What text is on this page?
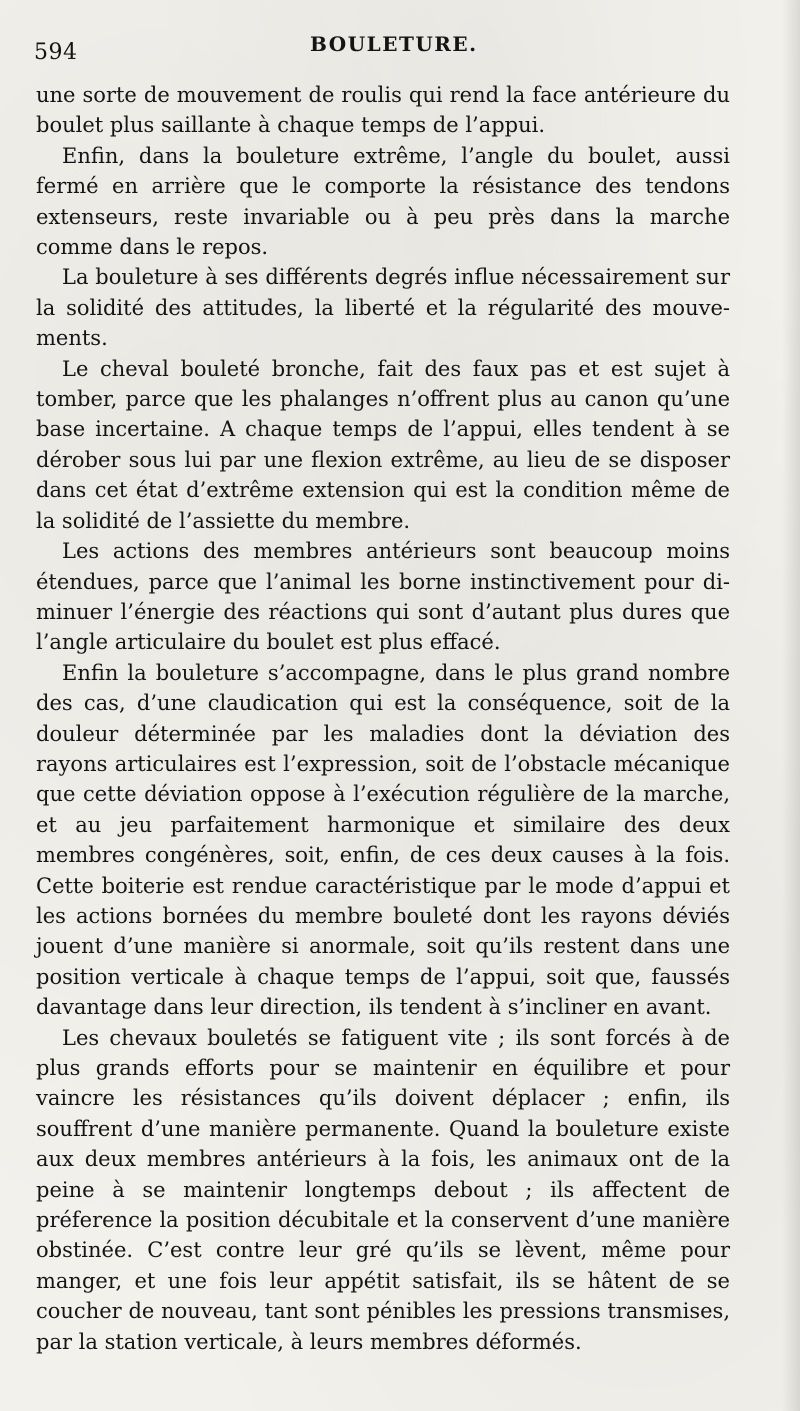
594	BOULETURE.

une sorte de mouvement de roulis qui rend la face antérieure du boulet plus saillante à chaque temps de l’appui.

Enfin, dans la bouleture extrême, l’angle du boulet, aussi fermé en arrière que le comporte la résistance des tendons extenseurs, reste invariable ou à peu près dans la marche comme dans le repos.

La bouleture à ses différents degrés influe nécessairement sur la solidité des attitudes, la liberté et la régularité des mouvements.

Le cheval bouleté bronche, fait des faux pas et est sujet à tomber, parce que les phalanges n’offrent plus au canon qu’une base incertaine. A chaque temps de l’appui, elles tendent à se dérober sous lui par une flexion extrême, au lieu de se disposer dans cet état d’extrême extension qui est la condition même de la solidité de l’assiette du membre.

Les actions des membres antérieurs sont beaucoup moins étendues, parce que l’animal les borne instinctivement pour diminuer l’énergie des réactions qui sont d’autant plus dures que l’angle articulaire du boulet est plus effacé.

Enfin la bouleture s’accompagne, dans le plus grand nombre des cas, d’une claudication qui est la conséquence, soit de la douleur déterminée par les maladies dont la déviation des rayons articulaires est l’expression, soit de l’obstacle mécanique que cette déviation oppose à l’exécution régulière de la marche, et au jeu parfaitement harmonique et similaire des deux membres congénères, soit, enfin, de ces deux causes à la fois. Cette boiterie est rendue caractéristique par le mode d’appui et les actions bornées du membre bouleté dont les rayons déviés jouent d’une manière si anormale, soit qu’ils restent dans une position verticale à chaque temps de l’appui, soit que, faussés davantage dans leur direction, ils tendent à s’incliner en avant.

Les chevaux bouletés se fatiguent vite ; ils sont forcés à de plus grands efforts pour se maintenir en équilibre et pour vaincre les résistances qu’ils doivent déplacer ; enfin, ils souffrent d’une manière permanente. Quand la bouleture existe aux deux membres antérieurs à la fois, les animaux ont de la peine à se maintenir longtemps debout ; ils affectent de préference la position décubitale et la conservent d’une manière obstinée. C’est contre leur gré qu’ils se lèvent, même pour manger, et une fois leur appétit satisfait, ils se hâtent de se coucher de nouveau, tant sont pénibles les pressions transmises, par la station verticale, à leurs membres déformés.
